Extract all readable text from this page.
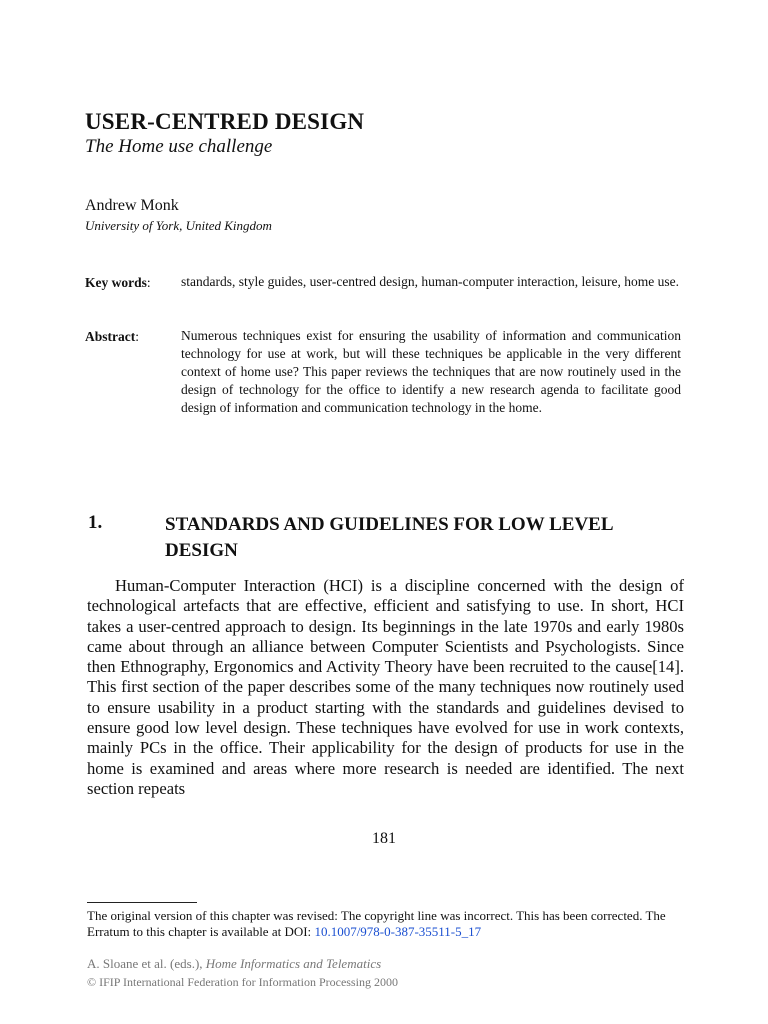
USER-CENTRED DESIGN
The Home use challenge
Andrew Monk
University of York, United Kingdom
Key words: standards, style guides, user-centred design, human-computer interaction, leisure, home use.
Abstract:	Numerous techniques exist for ensuring the usability of information and communication technology for use at work, but will these techniques be applicable in the very different context of home use? This paper reviews the techniques that are now routinely used in the design of technology for the office to identify a new research agenda to facilitate good design of information and communication technology in the home.
1.	STANDARDS AND GUIDELINES FOR LOW LEVEL DESIGN
Human-Computer Interaction (HCI) is a discipline concerned with the design of technological artefacts that are effective, efficient and satisfying to use. In short, HCI takes a user-centred approach to design. Its beginnings in the late 1970s and early 1980s came about through an alliance between Computer Scientists and Psychologists. Since then Ethnography, Ergonomics and Activity Theory have been recruited to the cause[14]. This first section of the paper describes some of the many techniques now routinely used to ensure usability in a product starting with the standards and guidelines devised to ensure good low level design. These techniques have evolved for use in work contexts, mainly PCs in the office. Their applicability for the design of products for use in the home is examined and areas where more research is needed are identified. The next section repeats
181
The original version of this chapter was revised: The copyright line was incorrect. This has been corrected. The Erratum to this chapter is available at DOI: 10.1007/978-0-387-35511-5_17
A. Sloane et al. (eds.), Home Informatics and Telematics
© IFIP International Federation for Information Processing 2000
